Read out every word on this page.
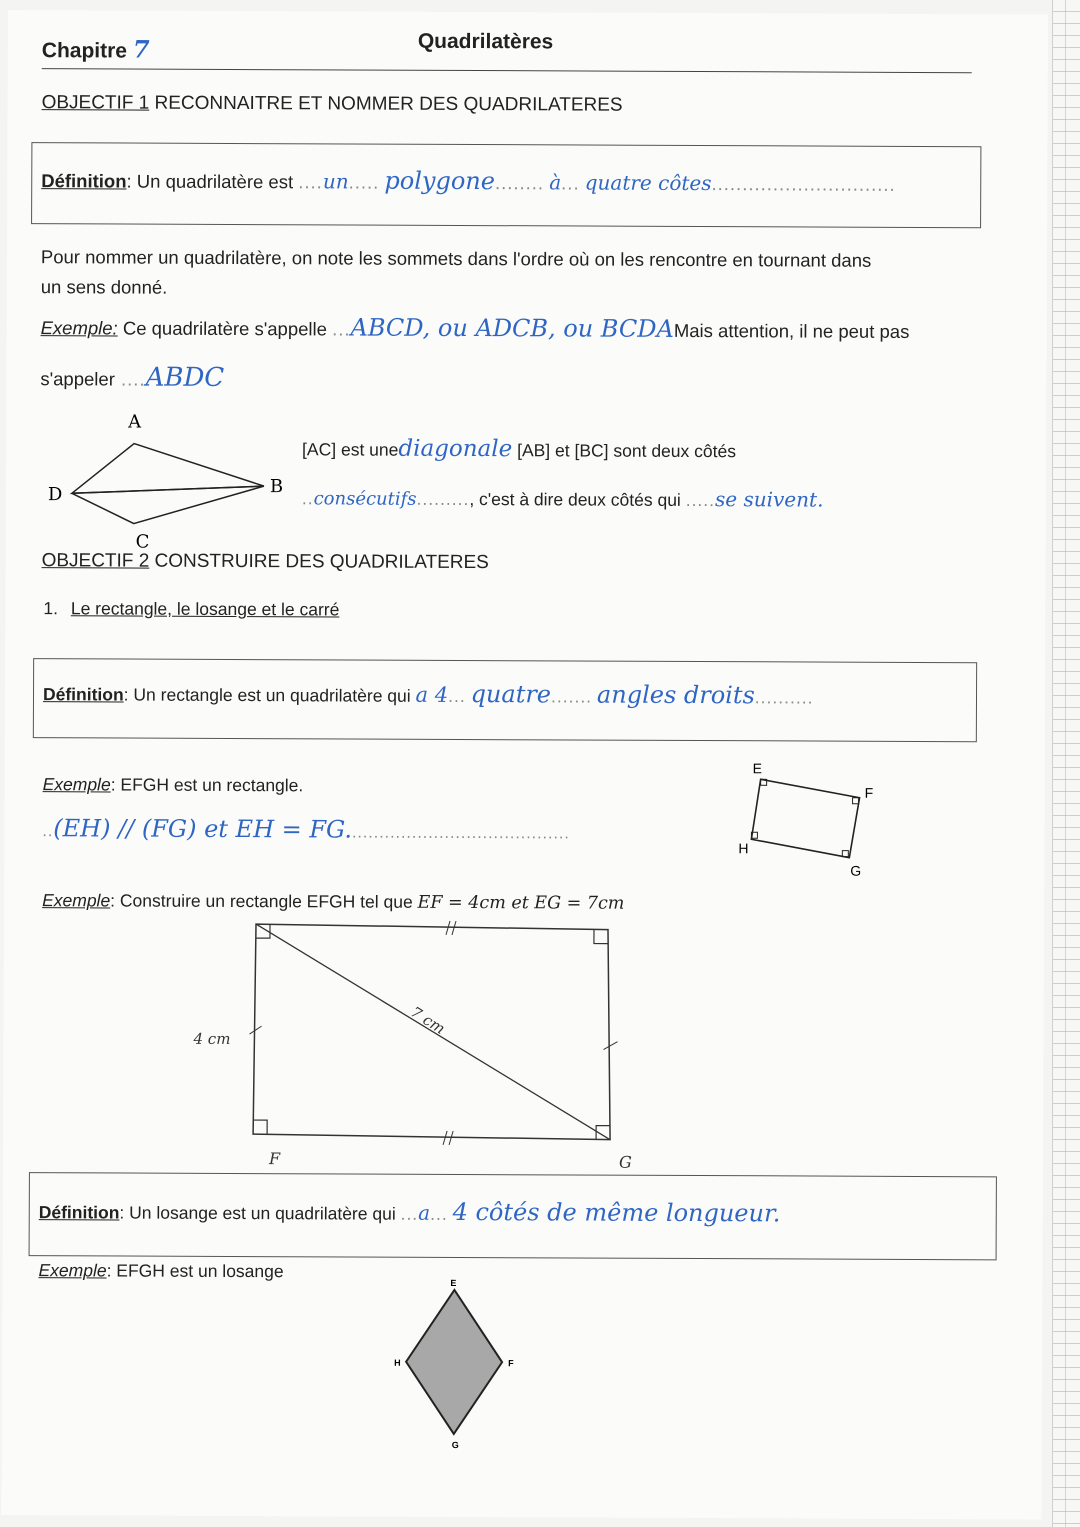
Chapitre 7	Quadrilatères
OBJECTIF 1 RECONNAITRE ET NOMMER DES QUADRILATERES
Définition: Un quadrilatère est ....un..... polygone........ à... quatre côtes..............................
Pour nommer un quadrilatère, on note les sommets dans l'ordre où on les rencontre en tournant dans
un sens donné.
Exemple: Ce quadrilatère s'appelle ...ABCD, ou ADCB, ou BCDAMais attention, il ne peut pas
s'appeler ....ABDC
A
B
C
D
[AC] est unediagonale [AB] et [BC] sont deux côtés
..consécutifs........., c'est à dire deux côtés qui .....se suivent.
OBJECTIF 2 CONSTRUIRE DES QUADRILATERES
1. Le rectangle, le losange et le carré
Définition: Un rectangle est un quadrilatère qui a 4... quatre....... angles droits..........
Exemple: EFGH est un rectangle.
..(EH) // (FG) et EH = FG.........................................
E
F
G
H
Exemple: Construire un rectangle EFGH tel que EF = 4cm et EG = 7cm
4 cm
7 cm
F	G
Définition: Un losange est un quadrilatère qui ...a... 4 côtés de même longueur.
Exemple: EFGH est un losange
E
F
G
H
